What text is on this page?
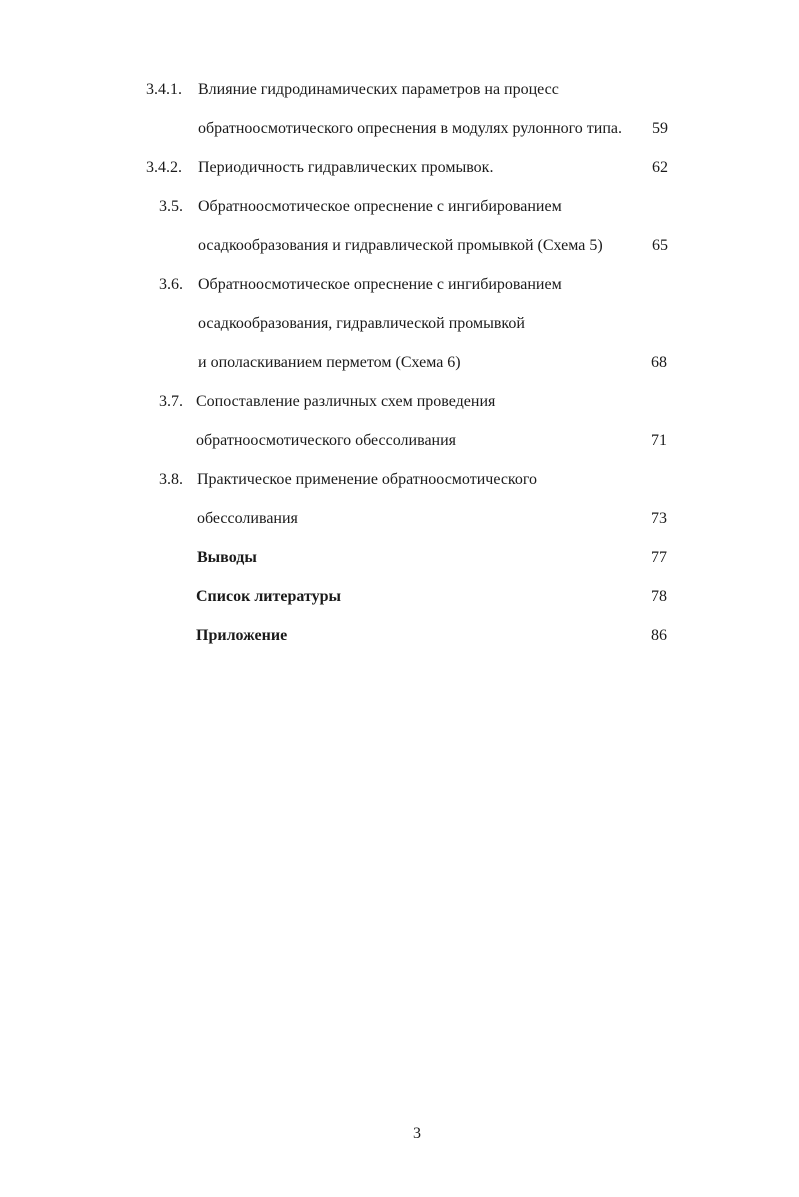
3.4.1. Влияние гидродинамических параметров на процесс
обратноосмотического опреснения в модулях рулонного типа. 59
3.4.2. Периодичность гидравлических промывок.	62
3.5. Обратноосмотическое опреснение с ингибированием
осадкообразования и гидравлической промывкой (Схема 5)	65
3.6. Обратноосмотическое опреснение с ингибированием
осадкообразования, гидравлической промывкой
и ополаскиванием перметом (Схема 6)	68
3.7. Сопоставление различных схем проведения
обратноосмотического обессоливания	71
3.8. Практическое применение обратноосмотического
обессоливания	73
Выводы	77
Список литературы	78
Приложение	86
3
